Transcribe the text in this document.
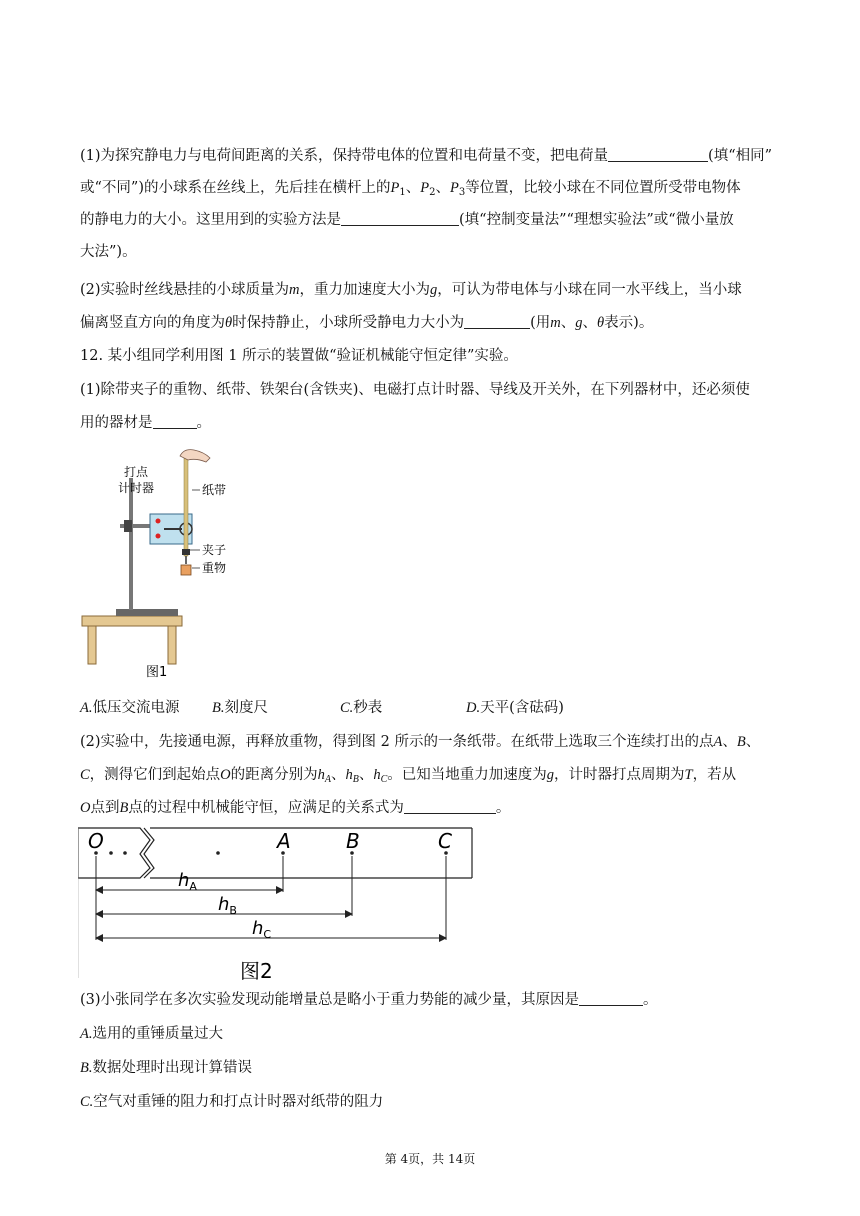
(1)为探究静电力与电荷间距离的关系，保持带电体的位置和电荷量不变，把电荷量	(填“相同”
或“不同”)的小球系在丝线上，先后挂在横杆上的$P_1$、$P_2$、$P_3$等位置，比较小球在不同位置所受带电物体
的静电力的大小。这里用到的实验方法是	(填“控制变量法”“理想实验法”或“微小量放
大法”)。
(2)实验时丝线悬挂的小球质量为m，重力加速度大小为g，可认为带电体与小球在同一水平线上，当小球
偏离竖直方向的角度为θ时保持静止，小球所受静电力大小为	(用m、g、θ表示)。
12. 某小组同学利用图 1 所示的装置做“验证机械能守恒定律”实验。
(1)除带夹子的重物、纸带、铁架台(含铁夹)、电磁打点计时器、导线及开关外，在下列器材中，还必须使
用的器材是	。
打点
计时器	纸带
夹子
重物
图1
A.低压交流电源 B.刻度尺	C.秒表	D.天平(含砝码)
(2)实验中，先接通电源，再释放重物，得到图 2 所示的一条纸带。在纸带上选取三个连续打出的点A、B、
C，测得它们到起始点O的距离分别为$h_A$、$h_B$、$h_C$。已知当地重力加速度为g，计时器打点周期为T，若从
O点到B点的过程中机械能守恒，应满足的关系式为	。
O	A	B	C
$h_A$
$h_B$
$h_C$
图2
(3)小张同学在多次实验发现动能增量总是略小于重力势能的减少量，其原因是	。
A.选用的重锤质量过大
B.数据处理时出现计算错误
C.空气对重锤的阻力和打点计时器对纸带的阻力
第 4页，共 14页
